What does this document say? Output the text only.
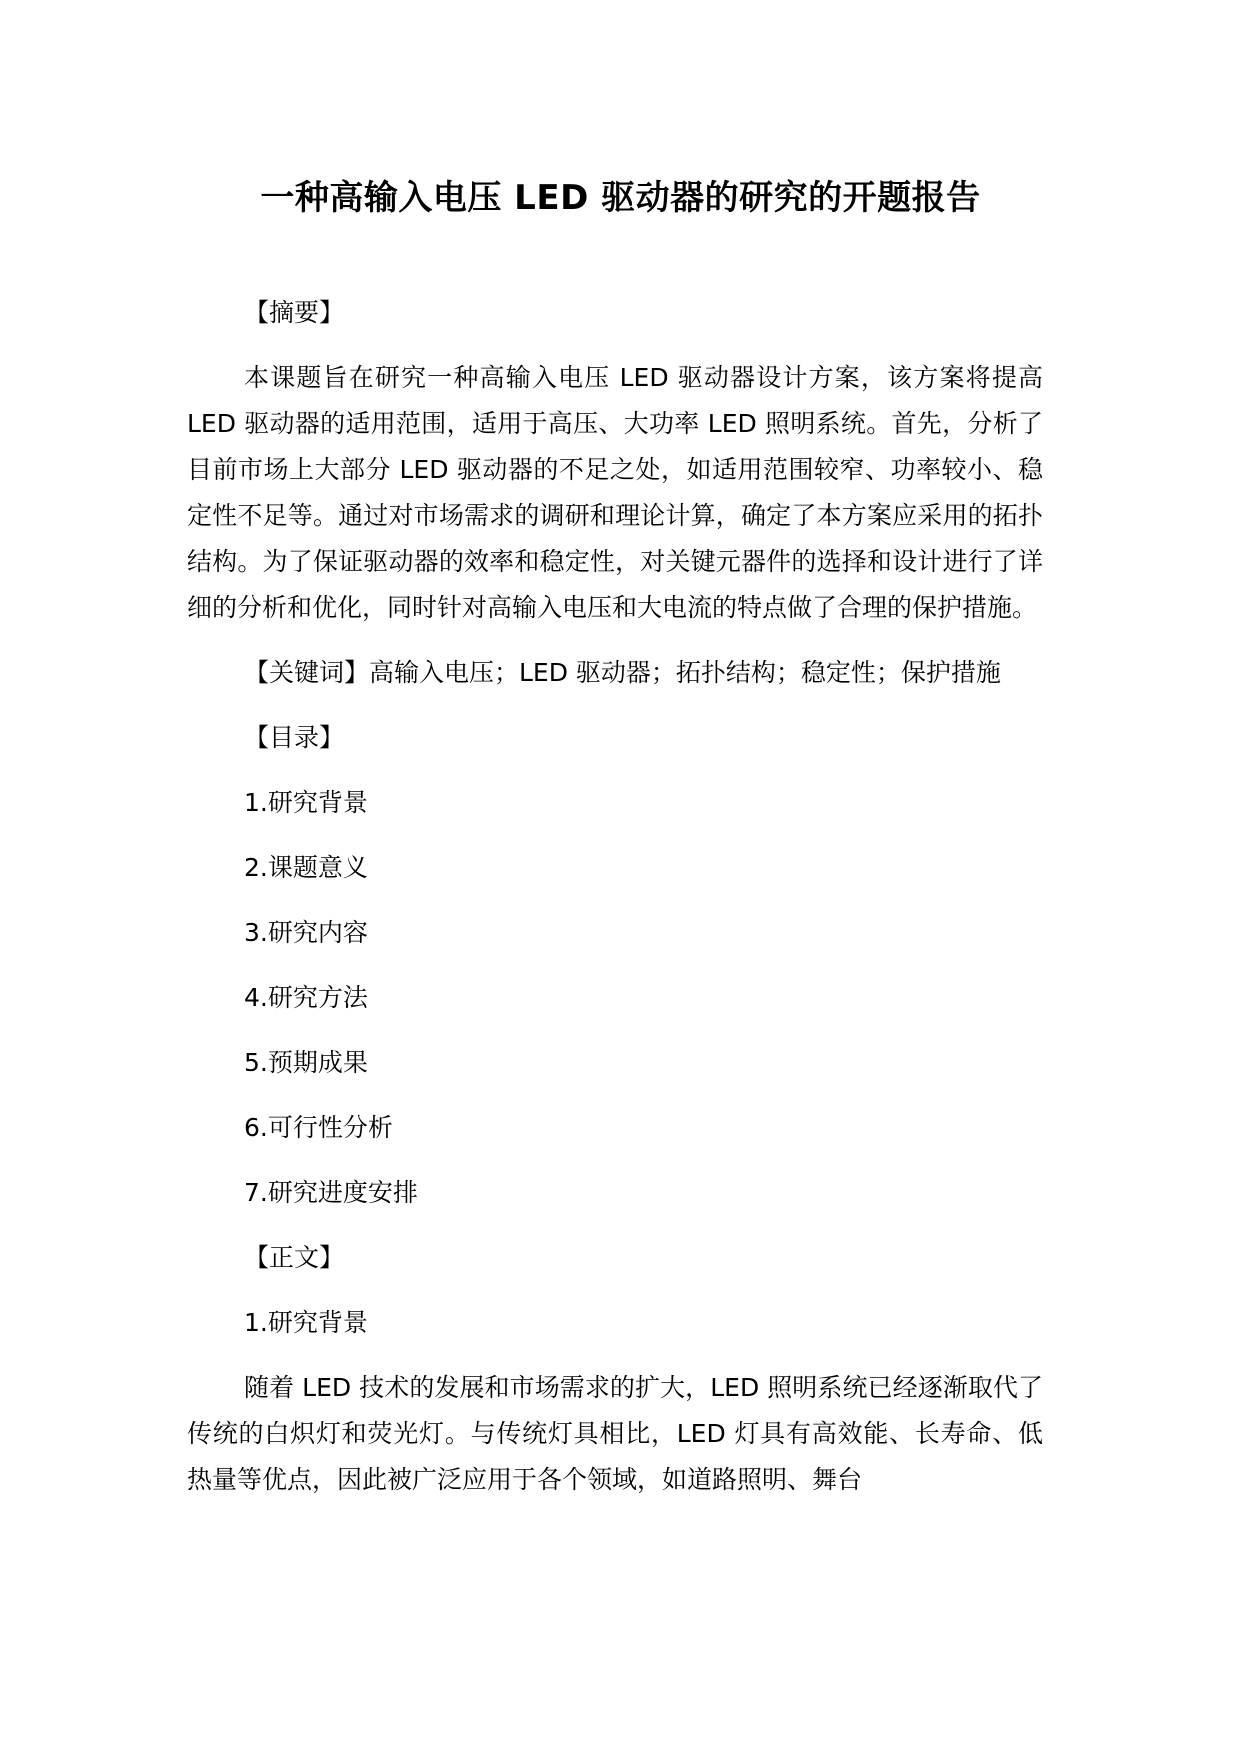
一种高输入电压 LED 驱动器的研究的开题报告
【摘要】

本课题旨在研究一种高输入电压 LED 驱动器设计方案，该方案将提高 LED 驱动器的适用范围，适用于高压、大功率 LED 照明系统。首先，分析了目前市场上大部分 LED 驱动器的不足之处，如适用范围较窄、功率较小、稳定性不足等。通过对市场需求的调研和理论计算，确定了本方案应采用的拓扑结构。为了保证驱动器的效率和稳定性，对关键元器件的选择和设计进行了详细的分析和优化，同时针对高输入电压和大电流的特点做了合理的保护措施。

【关键词】高输入电压；LED 驱动器；拓扑结构；稳定性；保护措施

【目录】
1.研究背景
2.课题意义
3.研究内容
4.研究方法
5.预期成果
6.可行性分析
7.研究进度安排
【正文】
1.研究背景

随着 LED 技术的发展和市场需求的扩大，LED 照明系统已经逐渐取代了传统的白炽灯和荧光灯。与传统灯具相比，LED 灯具有高效能、长寿命、低热量等优点，因此被广泛应用于各个领域，如道路照明、舞台
